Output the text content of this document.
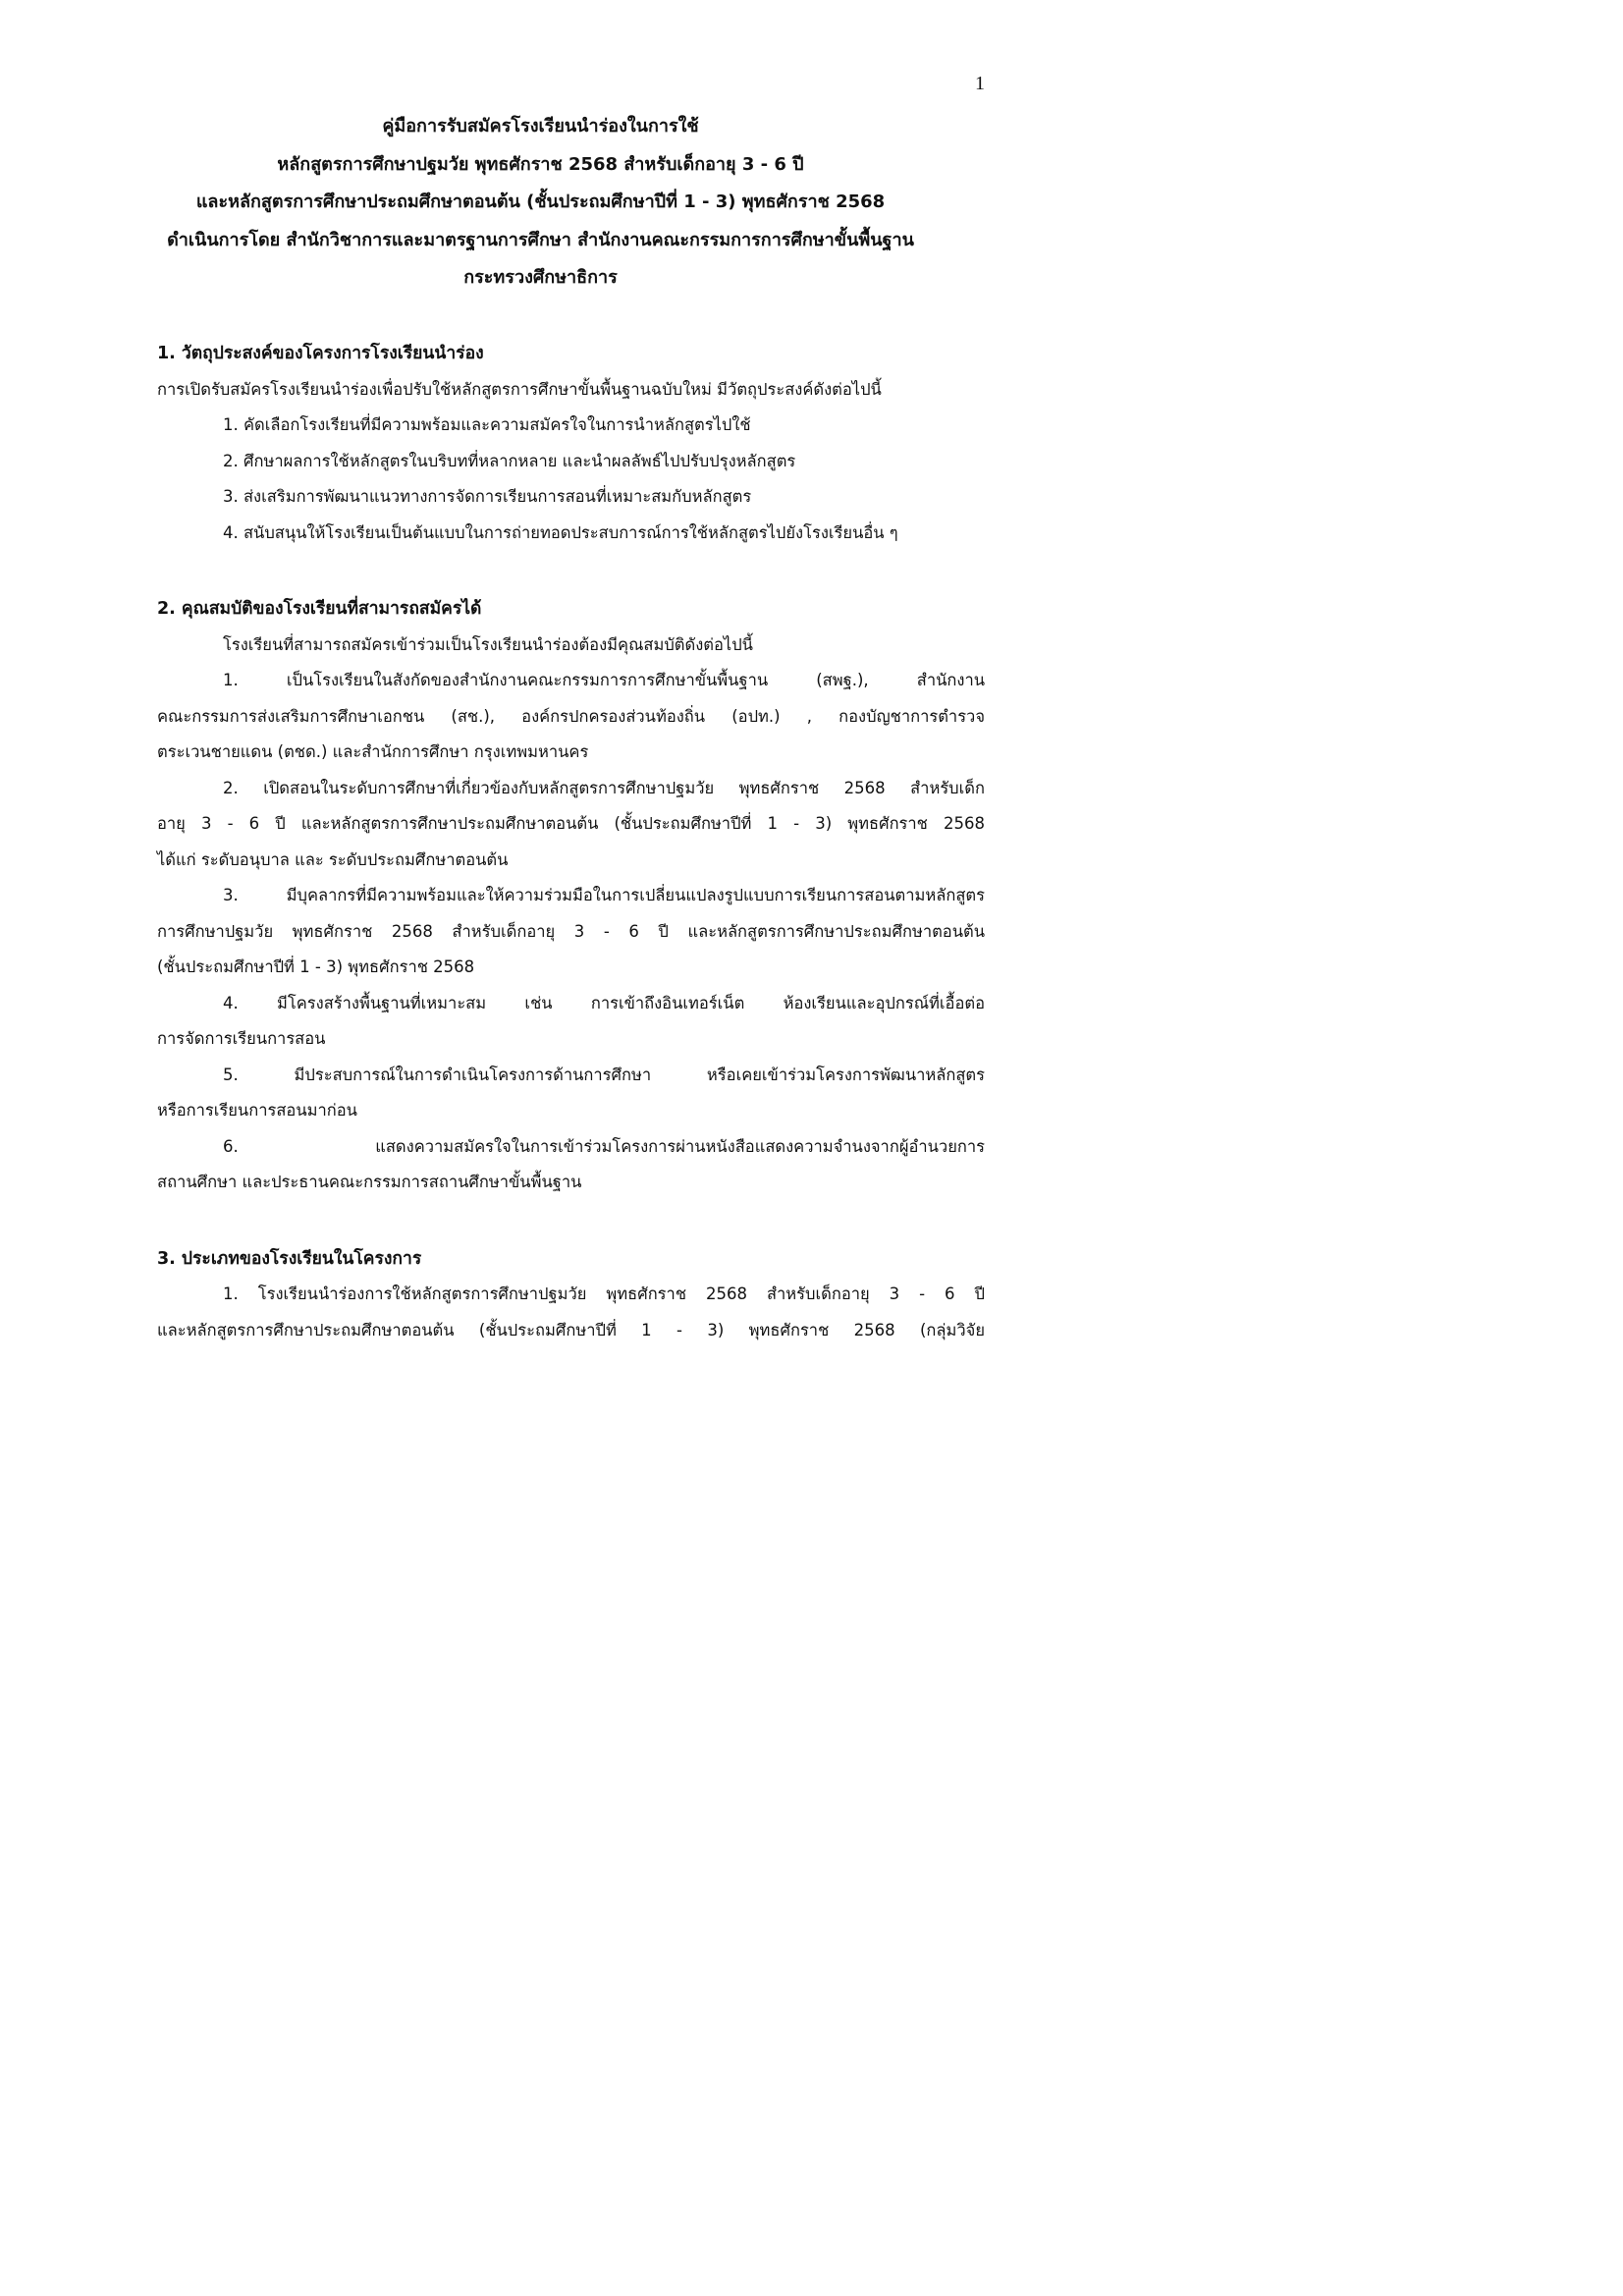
1

คู่มือการรับสมัครโรงเรียนนำร่องในการใช้

หลักสูตรการศึกษาปฐมวัย พุทธศักราช 2568 สำหรับเด็กอายุ 3 - 6 ปี

และหลักสูตรการศึกษาประถมศึกษาตอนต้น (ชั้นประถมศึกษาปีที่ 1 - 3) พุทธศักราช 2568

ดำเนินการโดย สำนักวิชาการและมาตรฐานการศึกษา สำนักงานคณะกรรมการการศึกษาขั้นพื้นฐาน

กระทรวงศึกษาธิการ

1. วัตถุประสงค์ของโครงการโรงเรียนนำร่อง

การเปิดรับสมัครโรงเรียนนำร่องเพื่อปรับใช้หลักสูตรการศึกษาขั้นพื้นฐานฉบับใหม่ มีวัตถุประสงค์ดังต่อไปนี้

1. คัดเลือกโรงเรียนที่มีความพร้อมและความสมัครใจในการนำหลักสูตรไปใช้

2. ศึกษาผลการใช้หลักสูตรในบริบทที่หลากหลาย และนำผลลัพธ์ไปปรับปรุงหลักสูตร

3. ส่งเสริมการพัฒนาแนวทางการจัดการเรียนการสอนที่เหมาะสมกับหลักสูตร

4. สนับสนุนให้โรงเรียนเป็นต้นแบบในการถ่ายทอดประสบการณ์การใช้หลักสูตรไปยังโรงเรียนอื่น ๆ

2. คุณสมบัติของโรงเรียนที่สามารถสมัครได้

โรงเรียนที่สามารถสมัครเข้าร่วมเป็นโรงเรียนนำร่องต้องมีคุณสมบัติดังต่อไปนี้

1. เป็นโรงเรียนในสังกัดของสำนักงานคณะกรรมการการศึกษาขั้นพื้นฐาน (สพฐ.), สำนักงาน

คณะกรรมการส่งเสริมการศึกษาเอกชน (สช.), องค์กรปกครองส่วนท้องถิ่น (อปท.) , กองบัญชาการตำรวจ

ตระเวนชายแดน (ตชด.) และสำนักการศึกษา กรุงเทพมหานคร

2. เปิดสอนในระดับการศึกษาที่เกี่ยวข้องกับหลักสูตรการศึกษาปฐมวัย พุทธศักราช 2568 สำหรับเด็ก

อายุ 3 - 6 ปี และหลักสูตรการศึกษาประถมศึกษาตอนต้น (ชั้นประถมศึกษาปีที่ 1 - 3) พุทธศักราช 2568

ได้แก่ ระดับอนุบาล และ ระดับประถมศึกษาตอนต้น

3. มีบุคลากรที่มีความพร้อมและให้ความร่วมมือในการเปลี่ยนแปลงรูปแบบการเรียนการสอนตามหลักสูตร

การศึกษาปฐมวัย พุทธศักราช 2568 สำหรับเด็กอายุ 3 - 6 ปี และหลักสูตรการศึกษาประถมศึกษาตอนต้น

(ชั้นประถมศึกษาปีที่ 1 - 3) พุทธศักราช 2568

4. มีโครงสร้างพื้นฐานที่เหมาะสม เช่น การเข้าถึงอินเทอร์เน็ต ห้องเรียนและอุปกรณ์ที่เอื้อต่อ

การจัดการเรียนการสอน

5. มีประสบการณ์ในการดำเนินโครงการด้านการศึกษา หรือเคยเข้าร่วมโครงการพัฒนาหลักสูตร

หรือการเรียนการสอนมาก่อน

6. แสดงความสมัครใจในการเข้าร่วมโครงการผ่านหนังสือแสดงความจำนงจากผู้อำนวยการ

สถานศึกษา และประธานคณะกรรมการสถานศึกษาขั้นพื้นฐาน

3. ประเภทของโรงเรียนในโครงการ

1. โรงเรียนนำร่องการใช้หลักสูตรการศึกษาปฐมวัย พุทธศักราช 2568 สำหรับเด็กอายุ 3 - 6 ปี

และหลักสูตรการศึกษาประถมศึกษาตอนต้น (ชั้นประถมศึกษาปีที่ 1 - 3) พุทธศักราช 2568 (กลุ่มวิจัย
